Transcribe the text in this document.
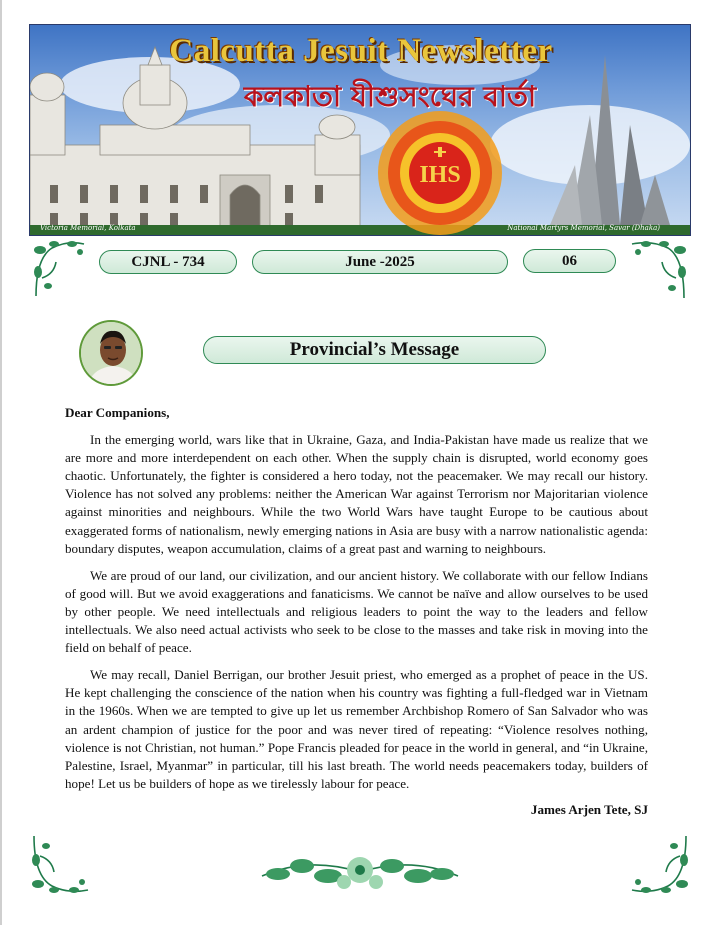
IHS
Calcutta Jesuit Newsletter
কলকাতা যীশুসংঘের বার্তা
Victoria Memorial, Kolkata	National Martyrs Memorial, Savar (Dhaka)
CJNL - 734	June -2025	06
Provincial’s Message

Dear Companions,

In the emerging world, wars like that in Ukraine, Gaza, and India-Pakistan have made us realize that we are more and more interdependent on each other. When the supply chain is disrupted, world economy goes chaotic. Unfortunately, the fighter is considered a hero today, not the peacemaker. We may recall our history. Violence has not solved any problems: neither the American War against Terrorism nor Majoritarian violence against minorities and neighbours. While the two World Wars have taught Europe to be cautious about exaggerated forms of nationalism, newly emerging nations in Asia are busy with a narrow nationalistic agenda: boundary disputes, weapon accumulation, claims of a great past and warning to neighbours.

We are proud of our land, our civilization, and our ancient history. We collaborate with our fellow Indians of good will. But we avoid exaggerations and fanaticisms. We cannot be naïve and allow ourselves to be used by other people. We need intellectuals and religious leaders to point the way to the leaders and fellow intellectuals. We also need actual activists who seek to be close to the masses and take risk in moving into the field on behalf of peace.

We may recall, Daniel Berrigan, our brother Jesuit priest, who emerged as a prophet of peace in the US. He kept challenging the conscience of the nation when his country was fighting a full-fledged war in Vietnam in the 1960s. When we are tempted to give up let us remember Archbishop Romero of San Salvador who was an ardent champion of justice for the poor and was never tired of repeating: “Violence resolves nothing, violence is not Christian, not human.” Pope Francis pleaded for peace in the world in general, and “in Ukraine, Palestine, Israel, Myanmar” in particular, till his last breath. The world needs peacemakers today, builders of hope! Let us be builders of hope as we tirelessly labour for peace.

James Arjen Tete, SJ
